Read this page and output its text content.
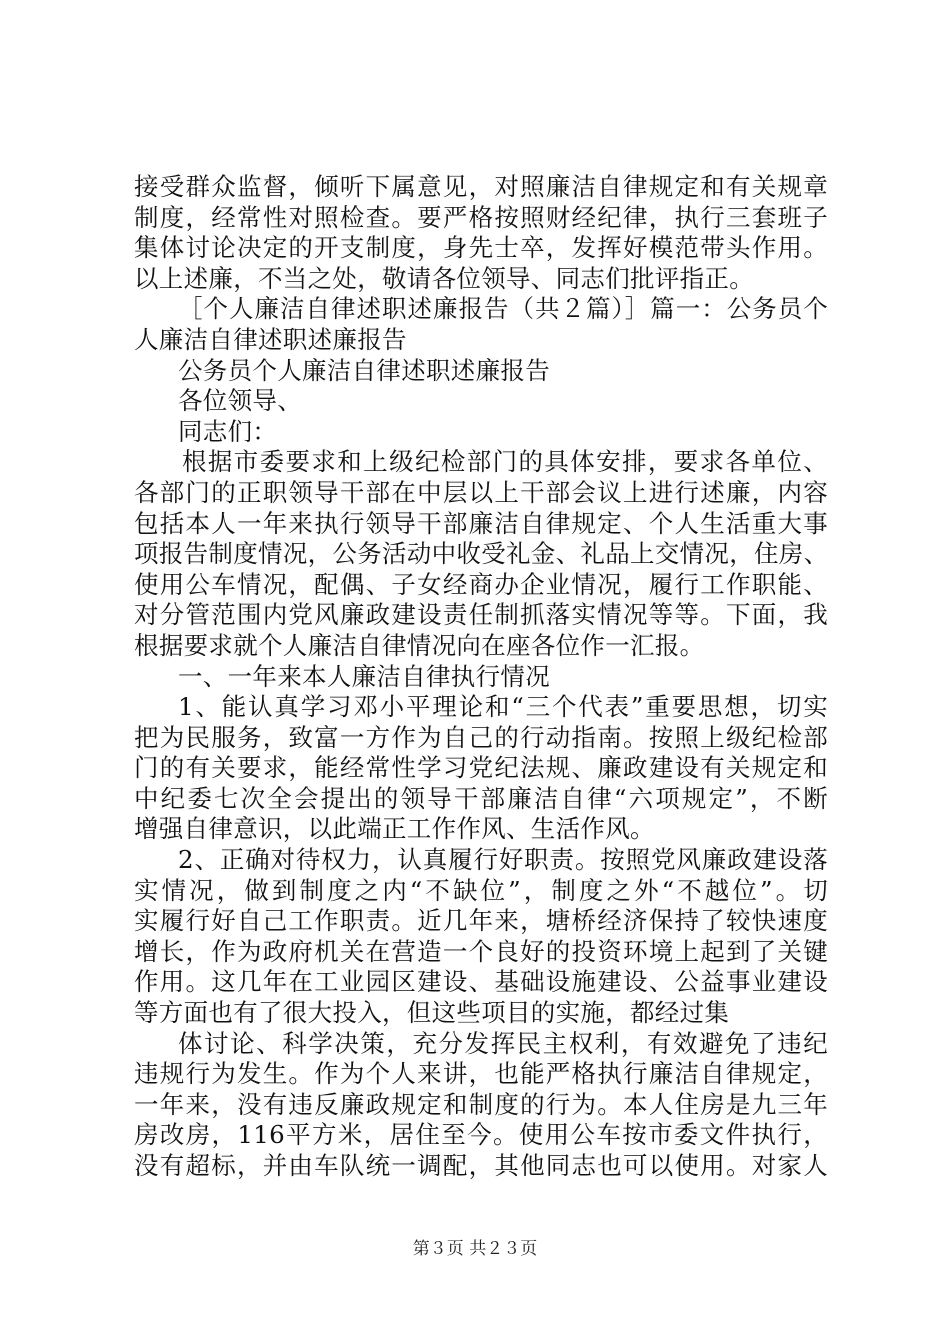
接受群众监督，倾听下属意见，对照廉洁自律规定和有关规章
制度，经常性对照检查。要严格按照财经纪律，执行三套班子
集体讨论决定的开支制度，身先士卒，发挥好模范带头作用。
以上述廉，不当之处，敬请各位领导、同志们批评指正。
［个人廉洁自律述职述廉报告（共２篇）］篇一：公务员个
人廉洁自律述职述廉报告
公务员个人廉洁自律述职述廉报告
各位领导、
同志们：
根据市委要求和上级纪检部门的具体安排，要求各单位、
各部门的正职领导干部在中层以上干部会议上进行述廉，内容
包括本人一年来执行领导干部廉洁自律规定、个人生活重大事
项报告制度情况，公务活动中收受礼金、礼品上交情况，住房、
使用公车情况，配偶、子女经商办企业情况，履行工作职能、
对分管范围内党风廉政建设责任制抓落实情况等等。下面，我
根据要求就个人廉洁自律情况向在座各位作一汇报。
一、一年来本人廉洁自律执行情况
1、能认真学习邓小平理论和“三个代表”重要思想，切实
把为民服务，致富一方作为自己的行动指南。按照上级纪检部
门的有关要求，能经常性学习党纪法规、廉政建设有关规定和
中纪委七次全会提出的领导干部廉洁自律“六项规定”，不断
增强自律意识，以此端正工作作风、生活作风。
2、正确对待权力，认真履行好职责。按照党风廉政建设落
实情况，做到制度之内“不缺位”，制度之外“不越位”。切
实履行好自己工作职责。近几年来，塘桥经济保持了较快速度
增长，作为政府机关在营造一个良好的投资环境上起到了关键
作用。这几年在工业园区建设、基础设施建设、公益事业建设
等方面也有了很大投入，但这些项目的实施，都经过集
体讨论、科学决策，充分发挥民主权利，有效避免了违纪
违规行为发生。作为个人来讲，也能严格执行廉洁自律规定，
一年来，没有违反廉政规定和制度的行为。本人住房是九三年
房改房，116平方米，居住至今。使用公车按市委文件执行，
没有超标，并由车队统一调配，其他同志也可以使用。对家人
第３页 共２３页
